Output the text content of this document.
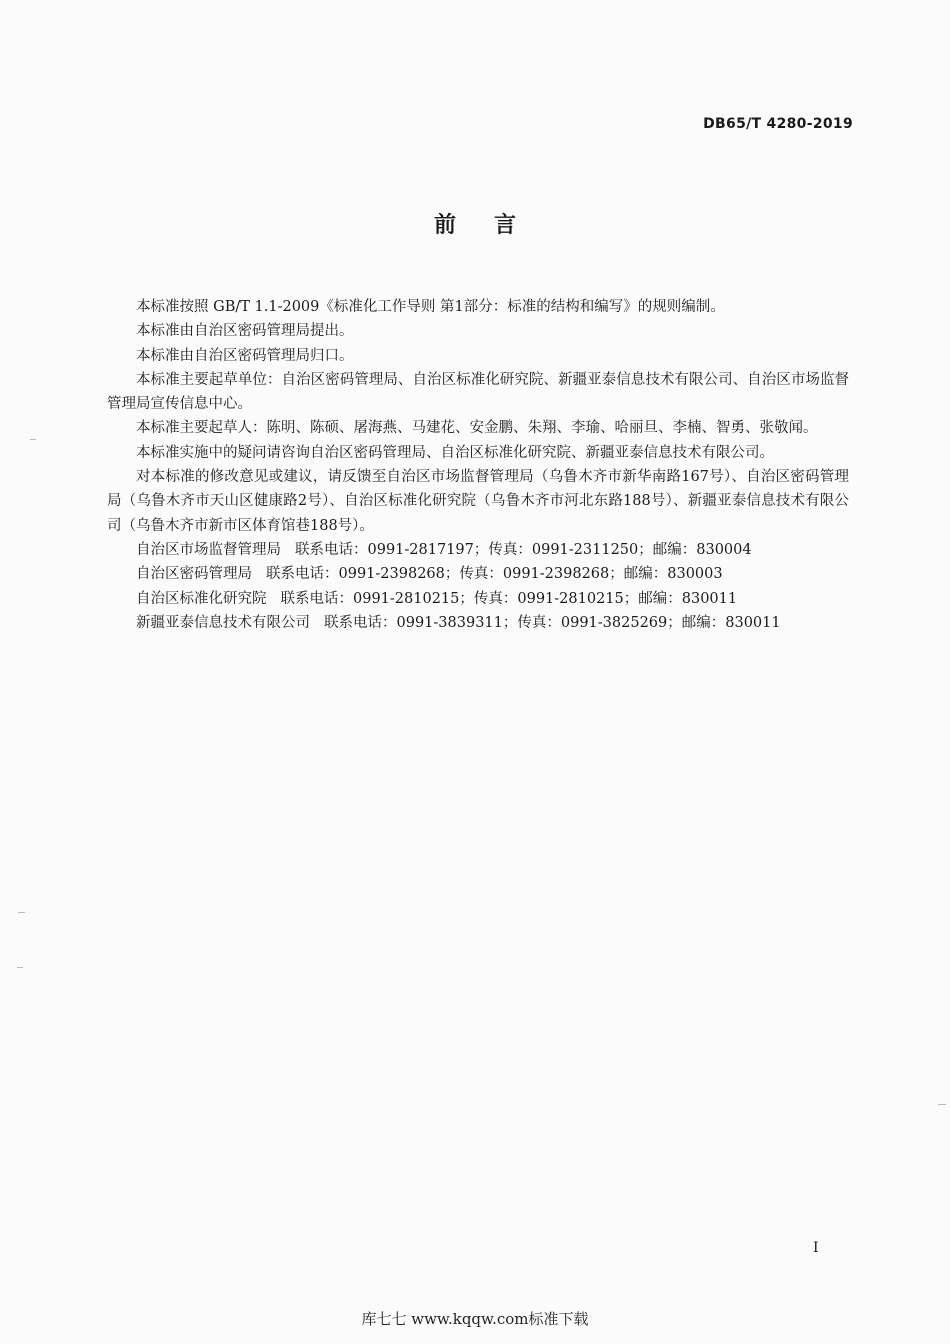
DB65/T 4280-2019
前言

本标准按照 GB/T 1.1-2009《标准化工作导则 第1部分：标准的结构和编写》的规则编制。

本标准由自治区密码管理局提出。

本标准由自治区密码管理局归口。

本标准主要起草单位：自治区密码管理局、自治区标准化研究院、新疆亚泰信息技术有限公司、自治区市场监督管理局宣传信息中心。

本标准主要起草人：陈明、陈硕、屠海燕、马建花、安金鹏、朱翔、李瑜、哈丽旦、李楠、智勇、张敬闻。

本标准实施中的疑问请咨询自治区密码管理局、自治区标准化研究院、新疆亚泰信息技术有限公司。

对本标准的修改意见或建议，请反馈至自治区市场监督管理局（乌鲁木齐市新华南路167号）、自治区密码管理局（乌鲁木齐市天山区健康路2号）、自治区标准化研究院（乌鲁木齐市河北东路188号）、新疆亚泰信息技术有限公司（乌鲁木齐市新市区体育馆巷188号）。

自治区市场监督管理局 联系电话：0991-2817197；传真：0991-2311250；邮编：830004
自治区密码管理局 联系电话：0991-2398268；传真：0991-2398268；邮编：830003
自治区标准化研究院 联系电话：0991-2810215；传真：0991-2810215；邮编：830011
新疆亚泰信息技术有限公司 联系电话：0991-3839311；传真：0991-3825269；邮编：830011
I
库七七 www.kqqw.com标准下载
